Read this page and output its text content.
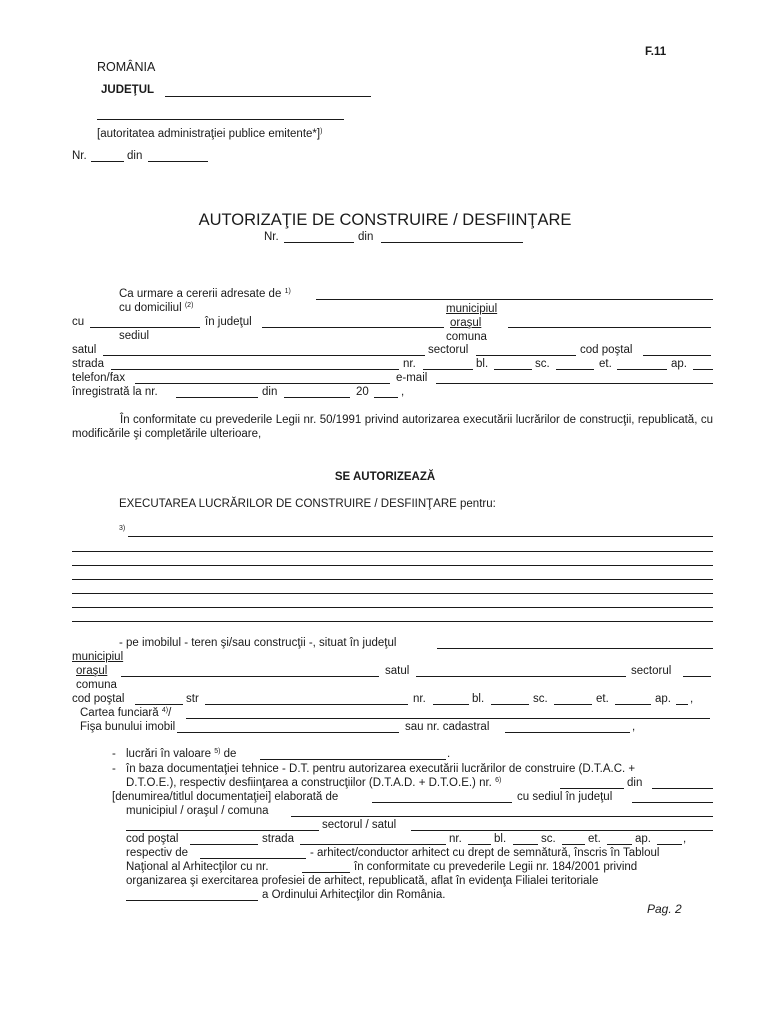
F.11
ROMÂNIA
JUDEŢUL
[autoritatea administraţiei publice emitente*])
Nr.	din
AUTORIZAŢIE DE CONSTRUIRE / DESFIINŢARE
Nr.	din
Ca urmare a cererii adresate de $^{1)}$
cu domiciliul $^{(2)}$	municipiul
cu	în judeţul	oraşul
sediul	comuna
satul	sectorul	cod poştal
strada	nr.	bl.	sc.	et.	ap.
telefon/fax	e-mail
înregistrată la nr.	din	20	,
În conformitate cu prevederile Legii nr. 50/1991 privind autorizarea executării lucrărilor de construcţii, republicată, cu modificările şi completările ulterioare,
SE AUTORIZEAZĂ
EXECUTAREA LUCRĂRILOR DE CONSTRUIRE / DESFIINŢARE pentru:
$^{3)}$
- pe imobilul - teren şi/sau construcţii -, situat în judeţul
municipiul
oraşul	satul	sectorul
comuna
cod poştal	str	nr.	bl.	sc.	et.	ap. ,
Cartea funciară $^{4)}$/
Fişa bunului imobil	sau nr. cadastral	,
- lucrări în valoare $^{5)}$ de	.
- în baza documentaţiei tehnice - D.T. pentru autorizarea executării lucrărilor de construire (D.T.A.C. +
D.T.O.E.), respectiv desfiinţarea a construcţiilor (D.T.A.D. + D.T.O.E.) nr. $^{6)}$	din
[denumirea/titlul documentaţiei] elaborată de	cu sediul în judeţul
municipiul / oraşul / comuna
sectorul / satul
cod poştal	strada	nr.	bl.	sc.	et.	ap.	,
respectiv de	- arhitect/conductor arhitect cu drept de semnătură, înscris în Tabloul
Naţional al Arhitecţilor cu nr.	în conformitate cu prevederile Legii nr. 184/2001 privind
organizarea şi exercitarea profesiei de arhitect, republicată, aflat în evidenţa Filialei teritoriale
a Ordinului Arhitecţilor din România.
Pag. 2
